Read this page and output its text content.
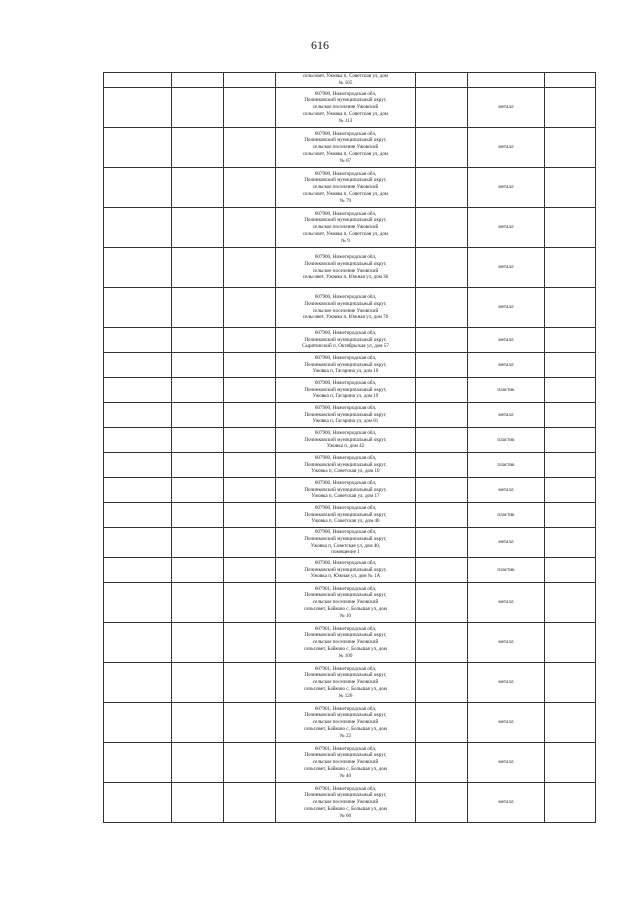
616
			сельсовет, Ужовка п, Советская ул, дом
№ 105			
			607900, Нижегородская обл,
Починковский муниципальный округ,
сельское поселение Ужовский
сельсовет, Ужовка п, Советская ул, дом
№ 113		металл	
			607900, Нижегородская обл,
Починковский муниципальный округ,
сельское поселение Ужовский
сельсовет, Ужовка п, Советская ул, дом
№ 67		металл	
			607900, Нижегородская обл,
Починковский муниципальный округ,
сельское поселение Ужовский
сельсовет, Ужовка п, Советская ул, дом
№ 79		металл	
			607900, Нижегородская обл,
Починковский муниципальный округ,
сельское поселение Ужовский
сельсовет, Ужовка п, Советская ул, дом
№ 9		металл	
			607900, Нижегородская обл,
Починковский муниципальный округ,
сельское поселение Ужовский
сельсовет, Ужовка п, Южная ул, дом 36		металл	
			607900, Нижегородская обл,
Починковский муниципальный округ,
сельское поселение Ужовский
сельсовет, Ужовка п, Южная ул, дом 76		металл	
			607900, Нижегородская обл,
Починковский муниципальный округ,
Сырятинский п, Октябрьская ул, дом 57		металл	
			607900, Нижегородская обл,
Починковский муниципальный округ,
Ужовка п, Гагарина ул, дом 10		металл	
			607900, Нижегородская обл,
Починковский муниципальный округ,
Ужовка п, Гагарина ул, дом 19		пластик	
			607900, Нижегородская обл,
Починковский муниципальный округ,
Ужовка п, Гагарина ул, дом 81		металл	
			607900, Нижегородская обл,
Починковский муниципальный округ,
Ужовка п, дом 42		пластик	
			607900, Нижегородская обл,
Починковский муниципальный округ,
Ужовка п, Советская ул, дом 10		пластик	
			607900, Нижегородская обл,
Починковский муниципальный округ,
Ужовка п, Советская ул, дом 17		металл	
			607900, Нижегородская обл,
Починковский муниципальный округ,
Ужовка п, Советская ул, дом 40		пластик	
			607900, Нижегородская обл,
Починковский муниципальный округ,
Ужовка п, Советская ул, дом 40,
помещение 1		металл	
			607900, Нижегородская обл,
Починковский муниципальный округ,
Ужовка п, Южная ул, дом № 1А		пластик	
			607901, Нижегородская обл,
Починковский муниципальный округ,
сельское поселение Ужовский
сельсовет, Байково с, Большая ул, дом
№ 10		металл	
			607901, Нижегородская обл,
Починковский муниципальный округ,
сельское поселение Ужовский
сельсовет, Байково с, Большая ул, дом
№ 100		металл	
			607901, Нижегородская обл,
Починковский муниципальный округ,
сельское поселение Ужовский
сельсовет, Байково с, Большая ул, дом
№ 126		металл	
			607901, Нижегородская обл,
Починковский муниципальный округ,
сельское поселение Ужовский
сельсовет, Байково с, Большая ул, дом
№ 22		металл	
			607901, Нижегородская обл,
Починковский муниципальный округ,
сельское поселение Ужовский
сельсовет, Байково с, Большая ул, дом
№ 40		металл	
			607901, Нижегородская обл,
Починковский муниципальный округ,
сельское поселение Ужовский
сельсовет, Байково с, Большая ул, дом
№ 60		металл	
